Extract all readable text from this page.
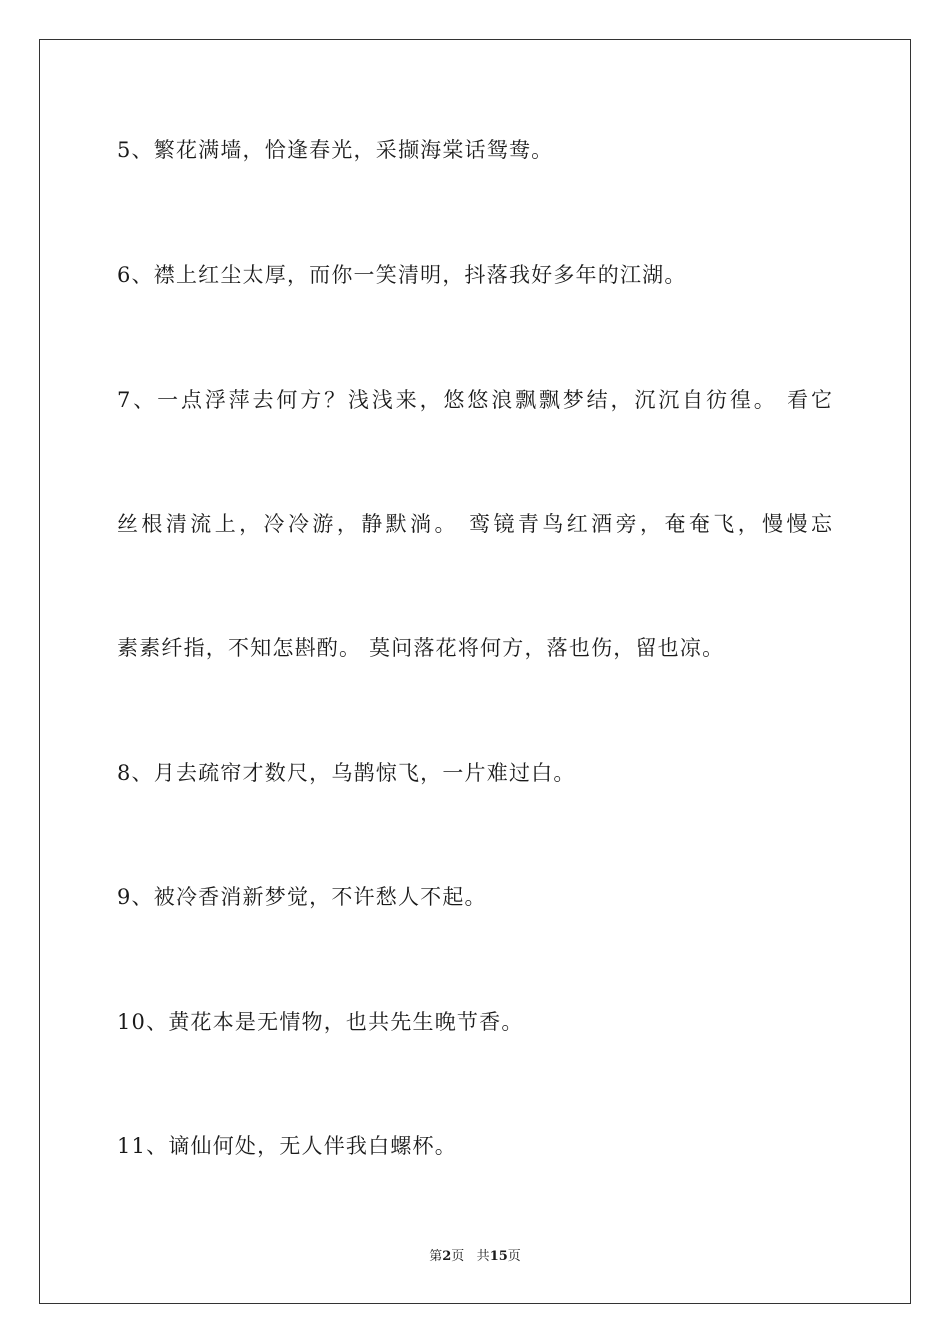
5、繁花满墙，恰逢春光，采撷海棠话鸳鸯。
6、襟上红尘太厚，而你一笑清明，抖落我好多年的江湖。
7、一点浮萍去何方？浅浅来，悠悠浪飘飘梦结，沉沉自彷徨。 看它
丝根清流上，冷冷游，静默淌。 鸾镜青鸟红酒旁，奄奄飞，慢慢忘
素素纤指，不知怎斟酌。 莫问落花将何方，落也伤，留也凉。
8、月去疏帘才数尺，乌鹊惊飞，一片难过白。
9、被冷香消新梦觉，不许愁人不起。
10、黄花本是无情物，也共先生晚节香。
11、谪仙何处，无人伴我白螺杯。
第2页 共15页
